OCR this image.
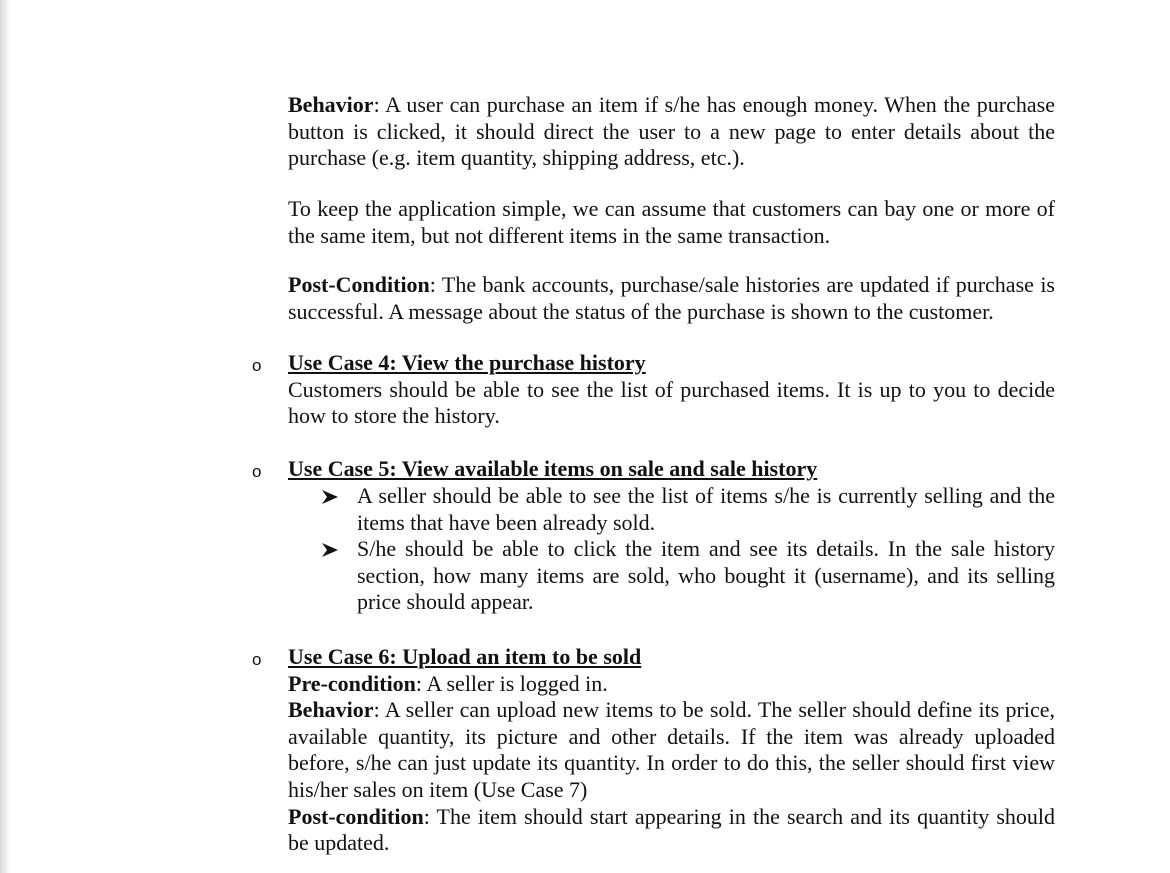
Behavior: A user can purchase an item if s/he has enough money. When the purchase button is clicked, it should direct the user to a new page to enter details about the purchase (e.g. item quantity, shipping address, etc.).

To keep the application simple, we can assume that customers can bay one or more of the same item, but not different items in the same transaction.

Post-Condition: The bank accounts, purchase/sale histories are updated if purchase is successful. A message about the status of the purchase is shown to the customer.

o Use Case 4: View the purchase history

Customers should be able to see the list of purchased items. It is up to you to decide how to store the history.

o Use Case 5: View available items on sale and sale history

A seller should be able to see the list of items s/he is currently selling and the items that have been already sold.
S/he should be able to click the item and see its details. In the sale history section, how many items are sold, who bought it (username), and its selling price should appear.
o Use Case 6: Upload an item to be sold

Pre-condition: A seller is logged in.

Behavior: A seller can upload new items to be sold. The seller should define its price, available quantity, its picture and other details. If the item was already uploaded before, s/he can just update its quantity. In order to do this, the seller should first view his/her sales on item (Use Case 7)

Post-condition: The item should start appearing in the search and its quantity should be updated.
